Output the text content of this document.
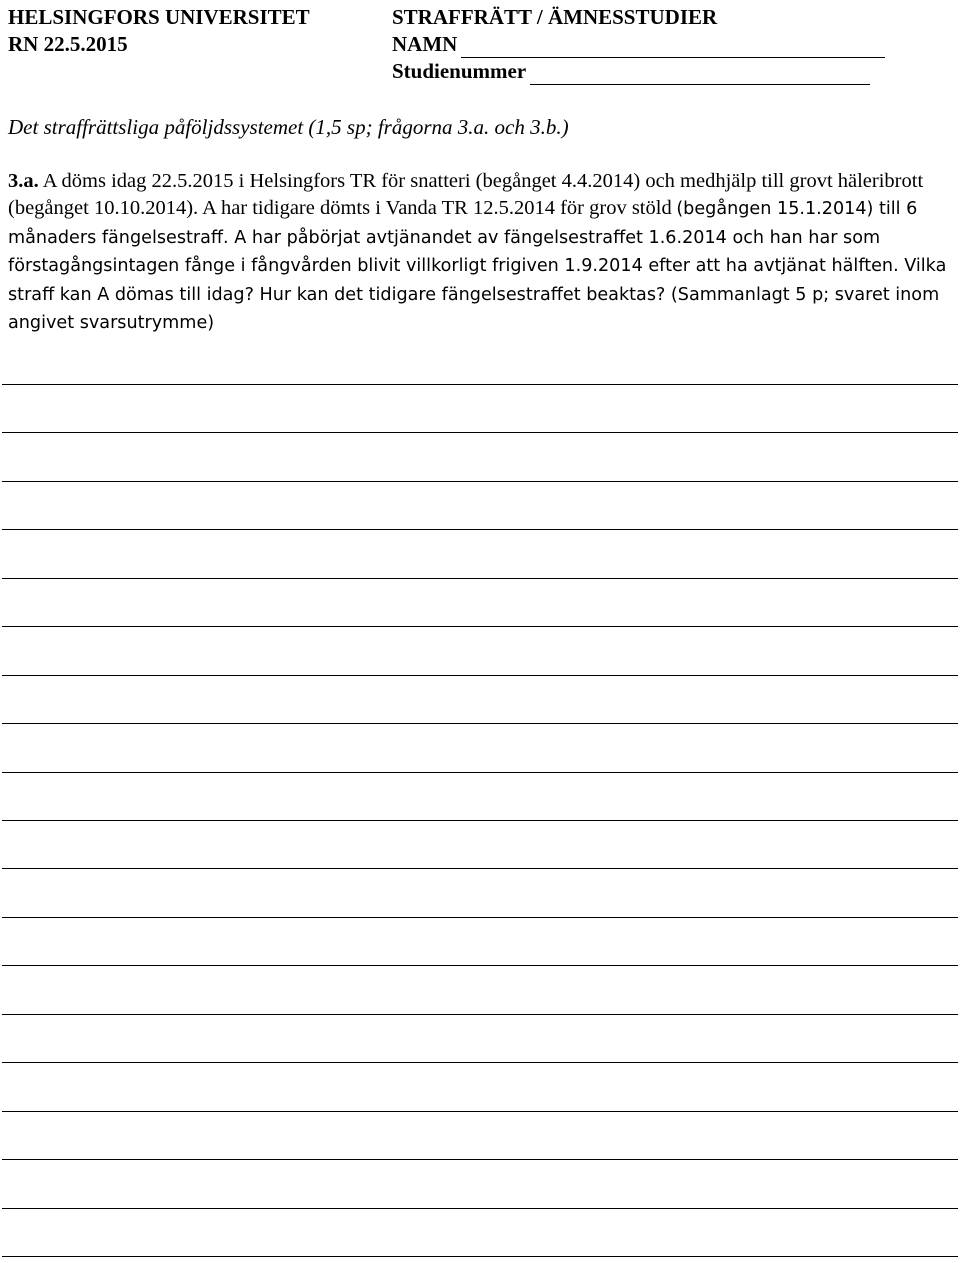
HELSINGFORS UNIVERSITET
RN 22.5.2015
STRAFFRÄTT / ÄMNESSTUDIER
NAMN
Studienummer
Det straffrättsliga påföljdssystemet (1,5 sp; frågorna 3.a. och 3.b.)
3.a. A döms idag 22.5.2015 i Helsingfors TR för snatteri (begånget 4.4.2014) och medhjälp till grovt häleribrott (begånget 10.10.2014). A har tidigare dömts i Vanda TR 12.5.2014 för grov stöld (begången 15.1.2014) till 6 månaders fängelsestraff. A har påbörjat avtjänandet av fängelsestraffet 1.6.2014 och han har som förstagångsintagen fånge i fångvården blivit villkorligt frigiven 1.9.2014 efter att ha avtjänat hälften. Vilka straff kan A dömas till idag? Hur kan det tidigare fängelsestraffet beaktas? (Sammanlagt 5 p; svaret inom angivet svarsutrymme)
